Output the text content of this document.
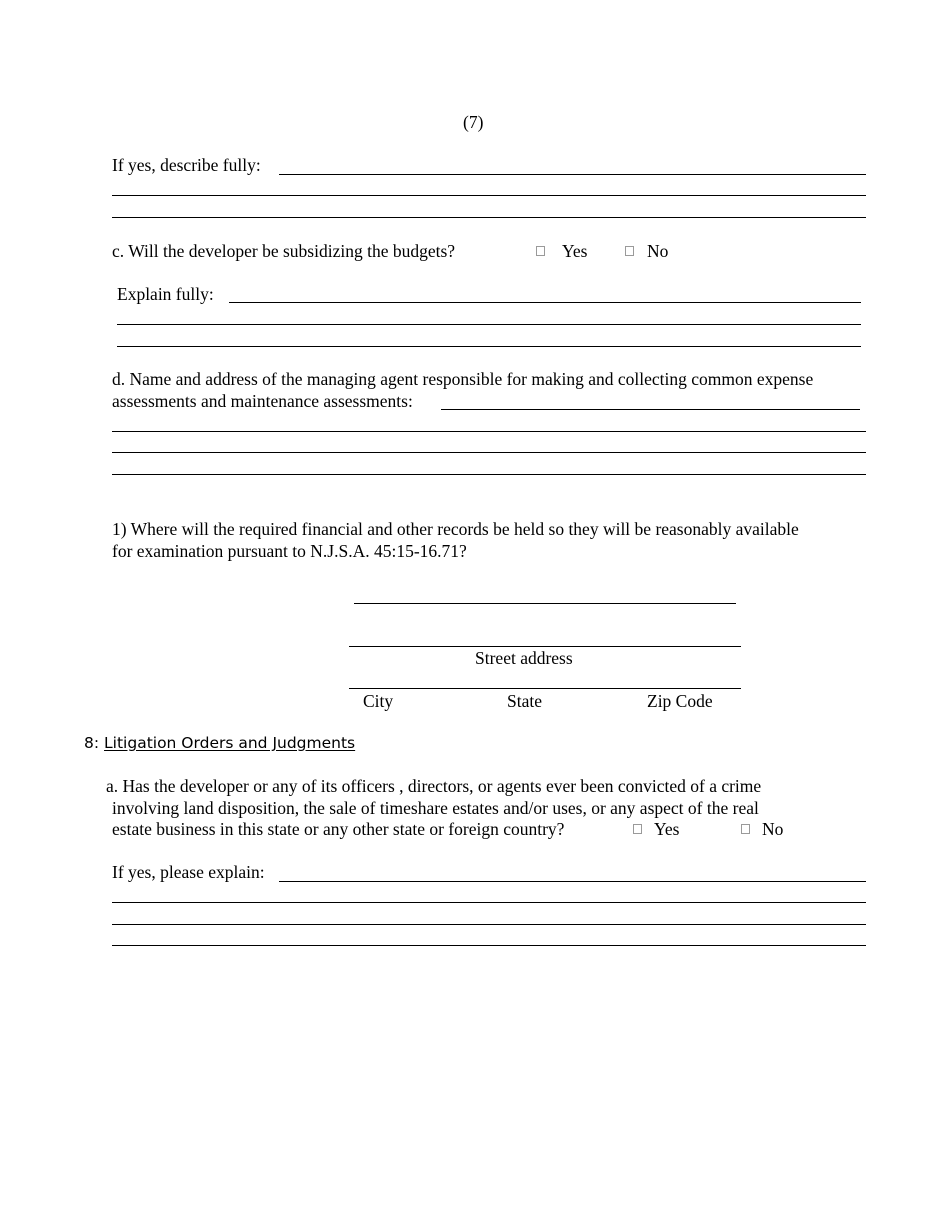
(7)
If yes, describe fully:
c. Will the developer be subsidizing the budgets?	Yes	No
Explain fully:
d. Name and address of the managing agent responsible for making and collecting common expense
assessments and maintenance assessments:
1) Where will the required financial and other records be held so they will be reasonably available
for examination pursuant to N.J.S.A. 45:15-16.71?
Street address
City	State	Zip Code
8: Litigation Orders and Judgments
a. Has the developer or any of its officers , directors, or agents ever been convicted of a crime
involving land disposition, the sale of timeshare estates and/or uses, or any aspect of the real
estate business in this state or any other state or foreign country?	Yes	No
If yes, please explain:
